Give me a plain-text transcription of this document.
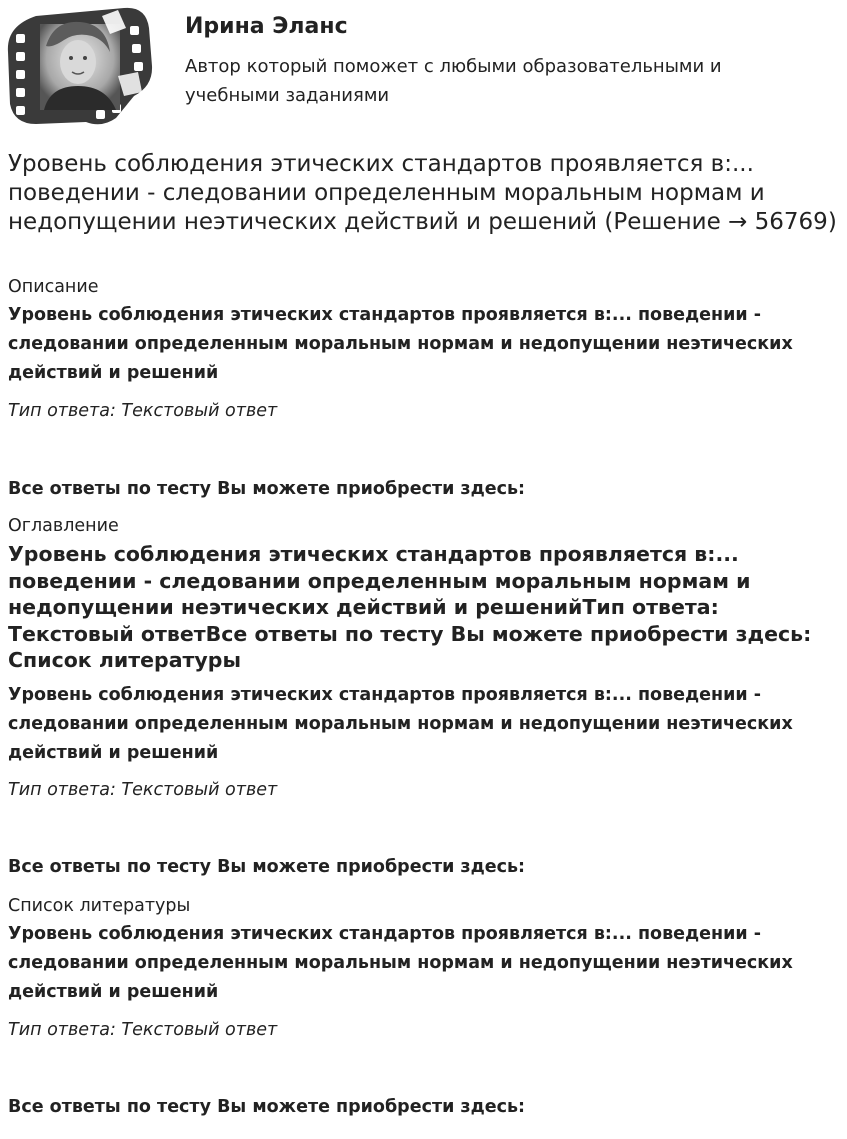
Ирина Эланс
Автор который поможет с любыми образовательными и учебными заданиями
Уровень соблюдения этических стандартов проявляется в:... поведении - следовании определенным моральным нормам и недопущении неэтических действий и решений (Решение → 56769)
Описание
Уровень соблюдения этических стандартов проявляется в:... поведении - следовании определенным моральным нормам и недопущении неэтических действий и решений
Тип ответа: Текстовый ответ
Все ответы по тесту Вы можете приобрести здесь:
Оглавление
Уровень соблюдения этических стандартов проявляется в:... поведении - следовании определенным моральным нормам и недопущении неэтических действий и решенийТип ответа: Текстовый ответВсе ответы по тесту Вы можете приобрести здесь: Список литературы
Уровень соблюдения этических стандартов проявляется в:... поведении - следовании определенным моральным нормам и недопущении неэтических действий и решений
Тип ответа: Текстовый ответ
Все ответы по тесту Вы можете приобрести здесь:
Список литературы
Уровень соблюдения этических стандартов проявляется в:... поведении - следовании определенным моральным нормам и недопущении неэтических действий и решений
Тип ответа: Текстовый ответ
Все ответы по тесту Вы можете приобрести здесь:
